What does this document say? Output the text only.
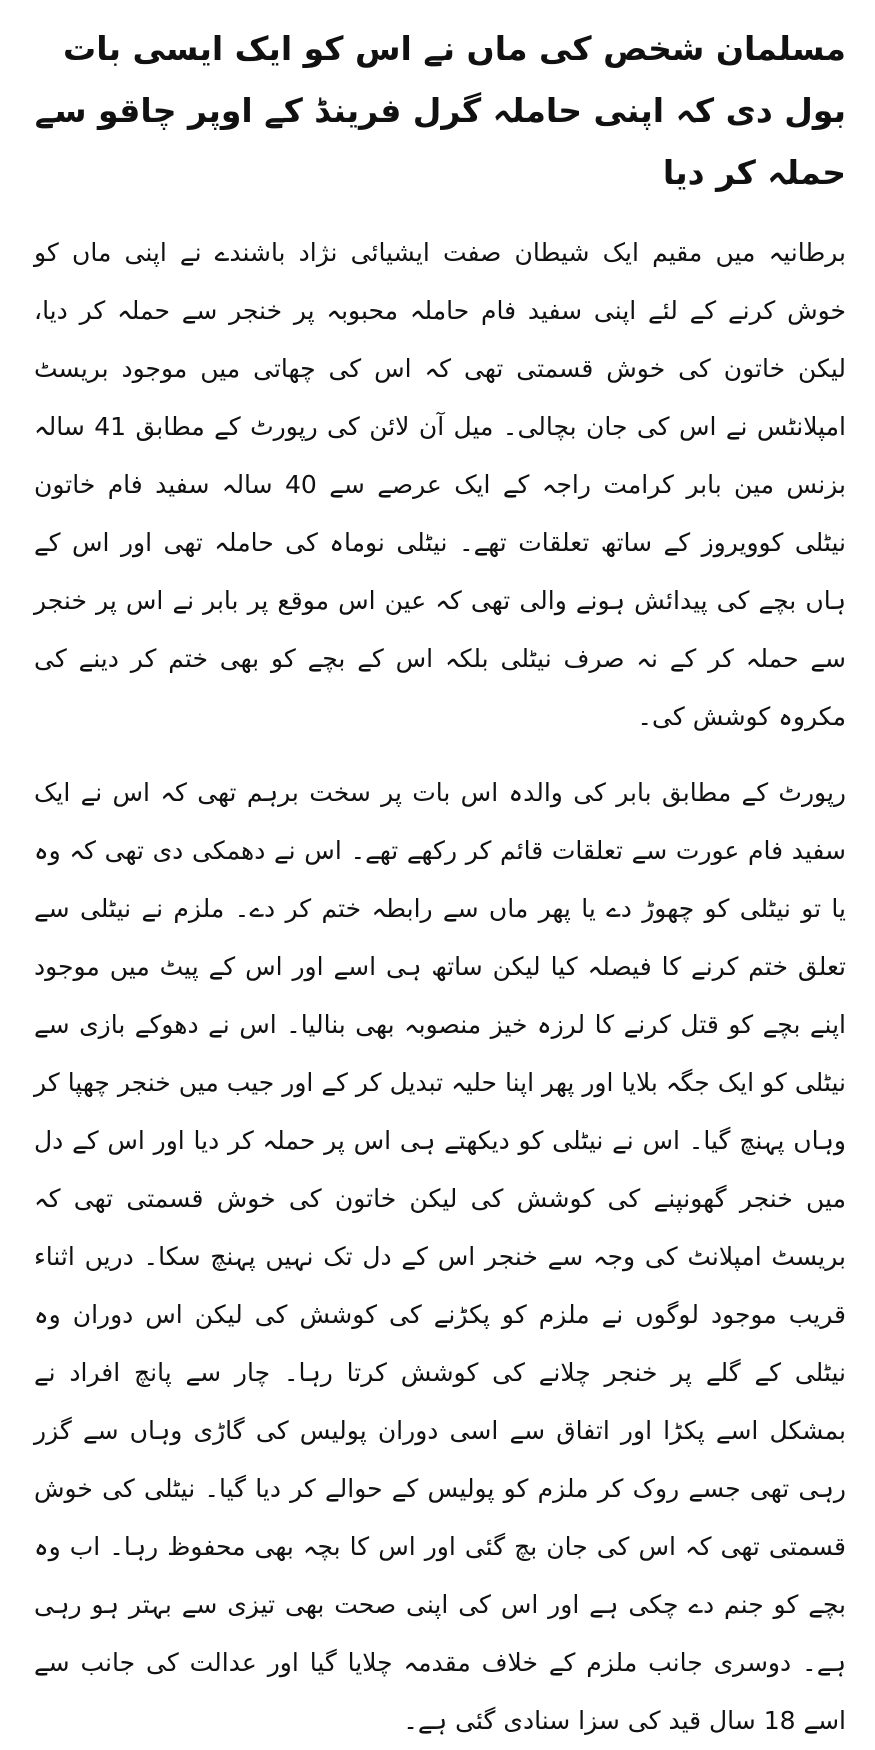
مسلمان شخص کی ماں نے اس کو ایک ایسی بات بول دی کہ اپنی حاملہ گرل فرینڈ کے اوپر چاقو سے حملہ کر دیا

برطانیہ میں مقیم ایک شیطان صفت ایشیائی نژاد باشندے نے اپنی ماں کو خوش کرنے کے لئے اپنی سفید فام حاملہ محبوبہ پر خنجر سے حملہ کر دیا، لیکن خاتون کی خوش قسمتی تھی کہ اس کی چھاتی میں موجود بریسٹ امپلانٹس نے اس کی جان بچالی۔ میل آن لائن کی رپورٹ کے مطابق 41 سالہ بزنس مین بابر کرامت راجہ کے ایک عرصے سے 40 سالہ سفید فام خاتون نیٹلی کوویروز کے ساتھ تعلقات تھے۔ نیٹلی نوماہ کی حاملہ تھی اور اس کے ہاں بچے کی پیدائش ہونے والی تھی کہ عین اس موقع پر بابر نے اس پر خنجر سے حملہ کر کے نہ صرف نیٹلی بلکہ اس کے بچے کو بھی ختم کر دینے کی مکروہ کوشش کی۔

رپورٹ کے مطابق بابر کی والدہ اس بات پر سخت برہم تھی کہ اس نے ایک سفید فام عورت سے تعلقات قائم کر رکھے تھے۔ اس نے دھمکی دی تھی کہ وہ یا تو نیٹلی کو چھوڑ دے یا پھر ماں سے رابطہ ختم کر دے۔ ملزم نے نیٹلی سے تعلق ختم کرنے کا فیصلہ کیا لیکن ساتھ ہی اسے اور اس کے پیٹ میں موجود اپنے بچے کو قتل کرنے کا لرزہ خیز منصوبہ بھی بنالیا۔ اس نے دھوکے بازی سے نیٹلی کو ایک جگہ بلایا اور پھر اپنا حلیہ تبدیل کر کے اور جیب میں خنجر چھپا کر وہاں پہنچ گیا۔ اس نے نیٹلی کو دیکھتے ہی اس پر حملہ کر دیا اور اس کے دل میں خنجر گھونپنے کی کوشش کی لیکن خاتون کی خوش قسمتی تھی کہ بریسٹ امپلانٹ کی وجہ سے خنجر اس کے دل تک نہیں پہنچ سکا۔ دریں اثناء قریب موجود لوگوں نے ملزم کو پکڑنے کی کوشش کی لیکن اس دوران وہ نیٹلی کے گلے پر خنجر چلانے کی کوشش کرتا رہا۔ چار سے پانچ افراد نے بمشکل اسے پکڑا اور اتفاق سے اسی دوران پولیس کی گاڑی وہاں سے گزر رہی تھی جسے روک کر ملزم کو پولیس کے حوالے کر دیا گیا۔ نیٹلی کی خوش قسمتی تھی کہ اس کی جان بچ گئی اور اس کا بچہ بھی محفوظ رہا۔ اب وہ بچے کو جنم دے چکی ہے اور اس کی اپنی صحت بھی تیزی سے بہتر ہو رہی ہے۔ دوسری جانب ملزم کے خلاف مقدمہ چلایا گیا اور عدالت کی جانب سے اسے 18 سال قید کی سزا سنادی گئی ہے۔
